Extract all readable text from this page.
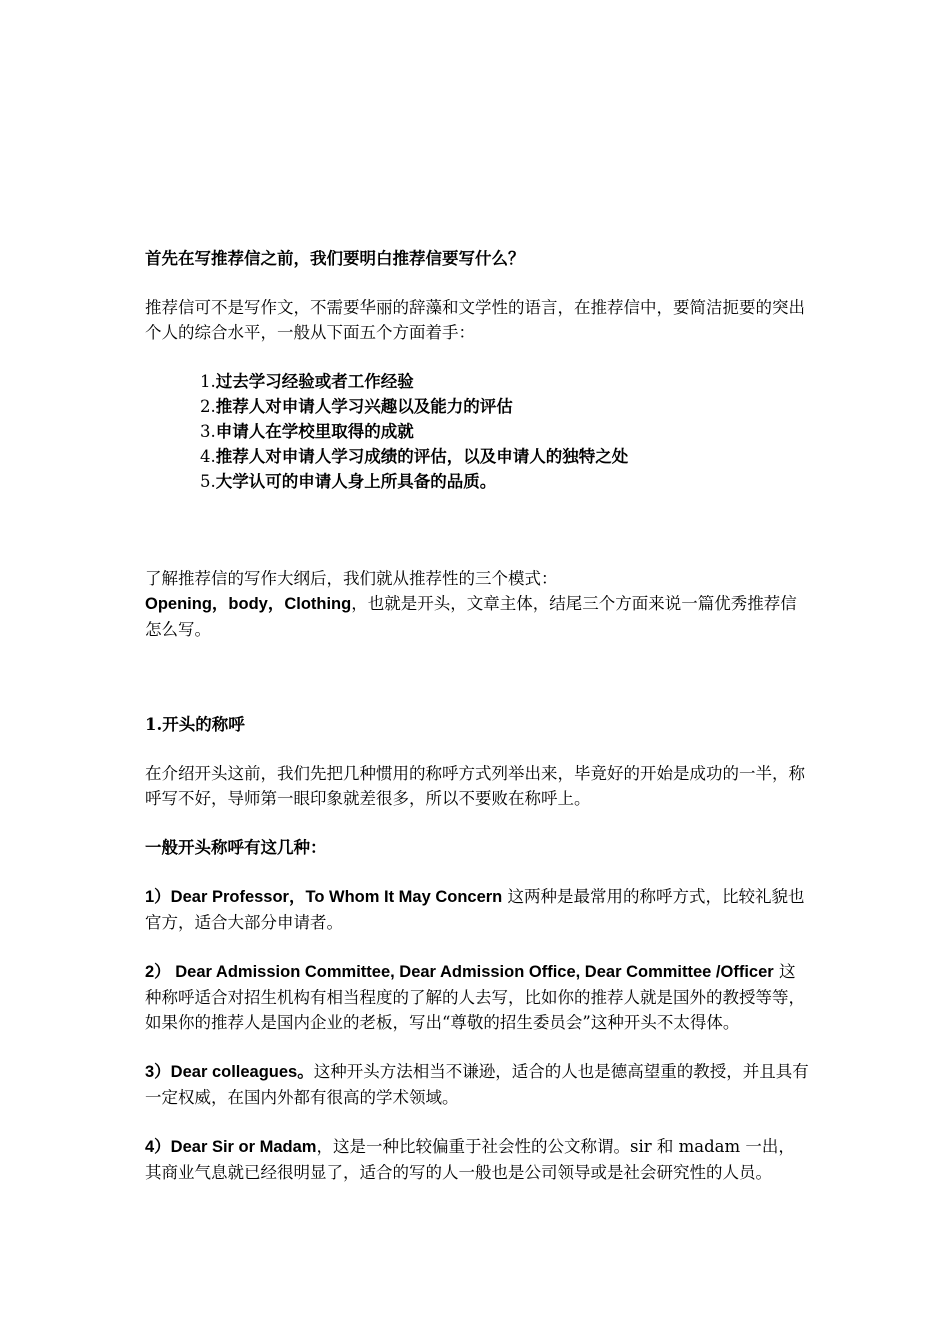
首先在写推荐信之前，我们要明白推荐信要写什么？

推荐信可不是写作文，不需要华丽的辞藻和文学性的语言，在推荐信中，要简洁扼要的突出个人的综合水平，一般从下面五个方面着手：

1.过去学习经验或者工作经验
2.推荐人对申请人学习兴趣以及能力的评估
3.申请人在学校里取得的成就
4.推荐人对申请人学习成绩的评估，以及申请人的独特之处
5.大学认可的申请人身上所具备的品质。

了解推荐信的写作大纲后，我们就从推荐性的三个模式：

Opening，body，Clothing，也就是开头，文章主体，结尾三个方面来说一篇优秀推荐信怎么写。

1.开头的称呼

在介绍开头这前，我们先把几种惯用的称呼方式列举出来，毕竟好的开始是成功的一半，称呼写不好，导师第一眼印象就差很多，所以不要败在称呼上。

一般开头称呼有这几种：

1）Dear Professor，To Whom It May Concern 这两种是最常用的称呼方式，比较礼貌也官方，适合大部分申请者。

2） Dear Admission Committee, Dear Admission Office, Dear Committee /Officer 这种称呼适合对招生机构有相当程度的了解的人去写，比如你的推荐人就是国外的教授等等，如果你的推荐人是国内企业的老板，写出“尊敬的招生委员会”这种开头不太得体。

3）Dear colleagues。这种开头方法相当不谦逊，适合的人也是德高望重的教授，并且具有一定权威，在国内外都有很高的学术领域。

4）Dear Sir or Madam，这是一种比较偏重于社会性的公文称谓。sir 和 madam 一出，其商业气息就已经很明显了，适合的写的人一般也是公司领导或是社会研究性的人员。
